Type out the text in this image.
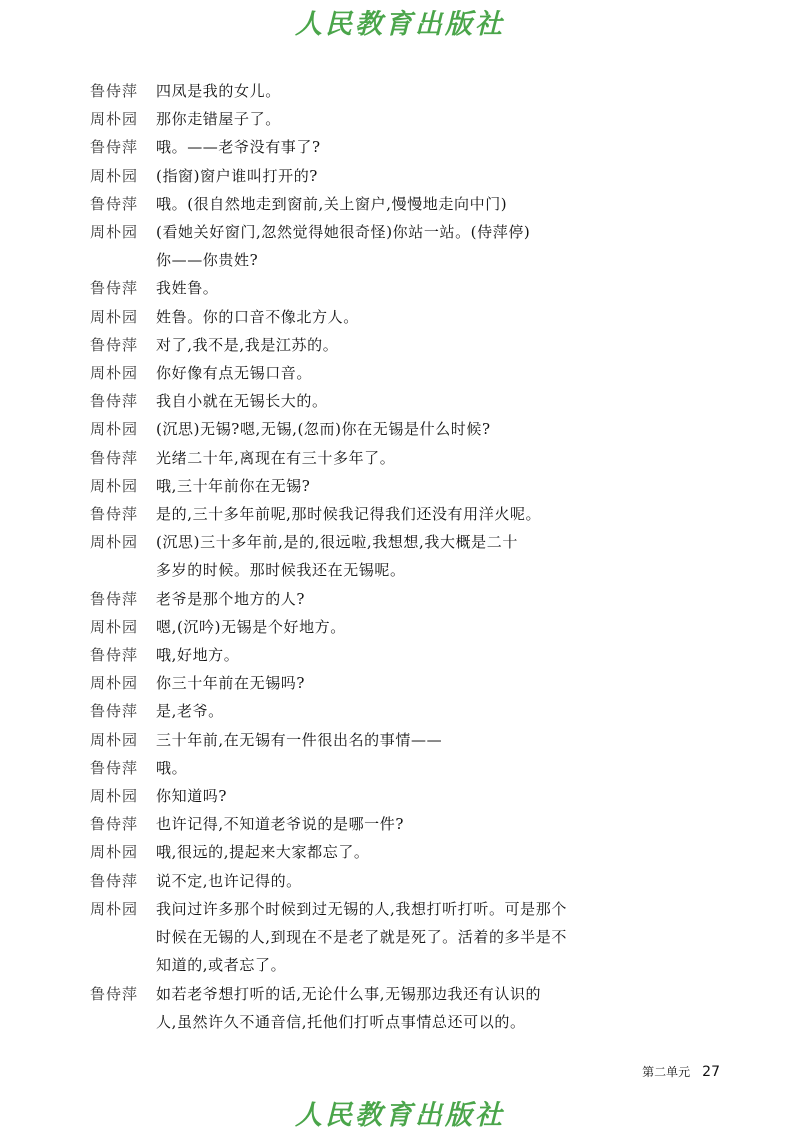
人民教育出版社
鲁侍萍	四凤是我的女儿。
周朴园	那你走错屋子了。
鲁侍萍	哦。——老爷没有事了?
周朴园	(指窗)窗户谁叫打开的?
鲁侍萍	哦。(很自然地走到窗前,关上窗户,慢慢地走向中门)
周朴园	(看她关好窗门,忽然觉得她很奇怪)你站一站。(侍萍停)
你——你贵姓?
鲁侍萍	我姓鲁。
周朴园	姓鲁。你的口音不像北方人。
鲁侍萍	对了,我不是,我是江苏的。
周朴园	你好像有点无锡口音。
鲁侍萍	我自小就在无锡长大的。
周朴园	(沉思)无锡?嗯,无锡,(忽而)你在无锡是什么时候?
鲁侍萍	光绪二十年,离现在有三十多年了。
周朴园	哦,三十年前你在无锡?
鲁侍萍	是的,三十多年前呢,那时候我记得我们还没有用洋火呢。
周朴园	(沉思)三十多年前,是的,很远啦,我想想,我大概是二十
多岁的时候。那时候我还在无锡呢。
鲁侍萍	老爷是那个地方的人?
周朴园	嗯,(沉吟)无锡是个好地方。
鲁侍萍	哦,好地方。
周朴园	你三十年前在无锡吗?
鲁侍萍	是,老爷。
周朴园	三十年前,在无锡有一件很出名的事情——
鲁侍萍	哦。
周朴园	你知道吗?
鲁侍萍	也许记得,不知道老爷说的是哪一件?
周朴园	哦,很远的,提起来大家都忘了。
鲁侍萍	说不定,也许记得的。
周朴园	我问过许多那个时候到过无锡的人,我想打听打听。可是那个
时候在无锡的人,到现在不是老了就是死了。活着的多半是不
知道的,或者忘了。
鲁侍萍	如若老爷想打听的话,无论什么事,无锡那边我还有认识的
人,虽然许久不通音信,托他们打听点事情总还可以的。
第二单元 27
人民教育出版社
